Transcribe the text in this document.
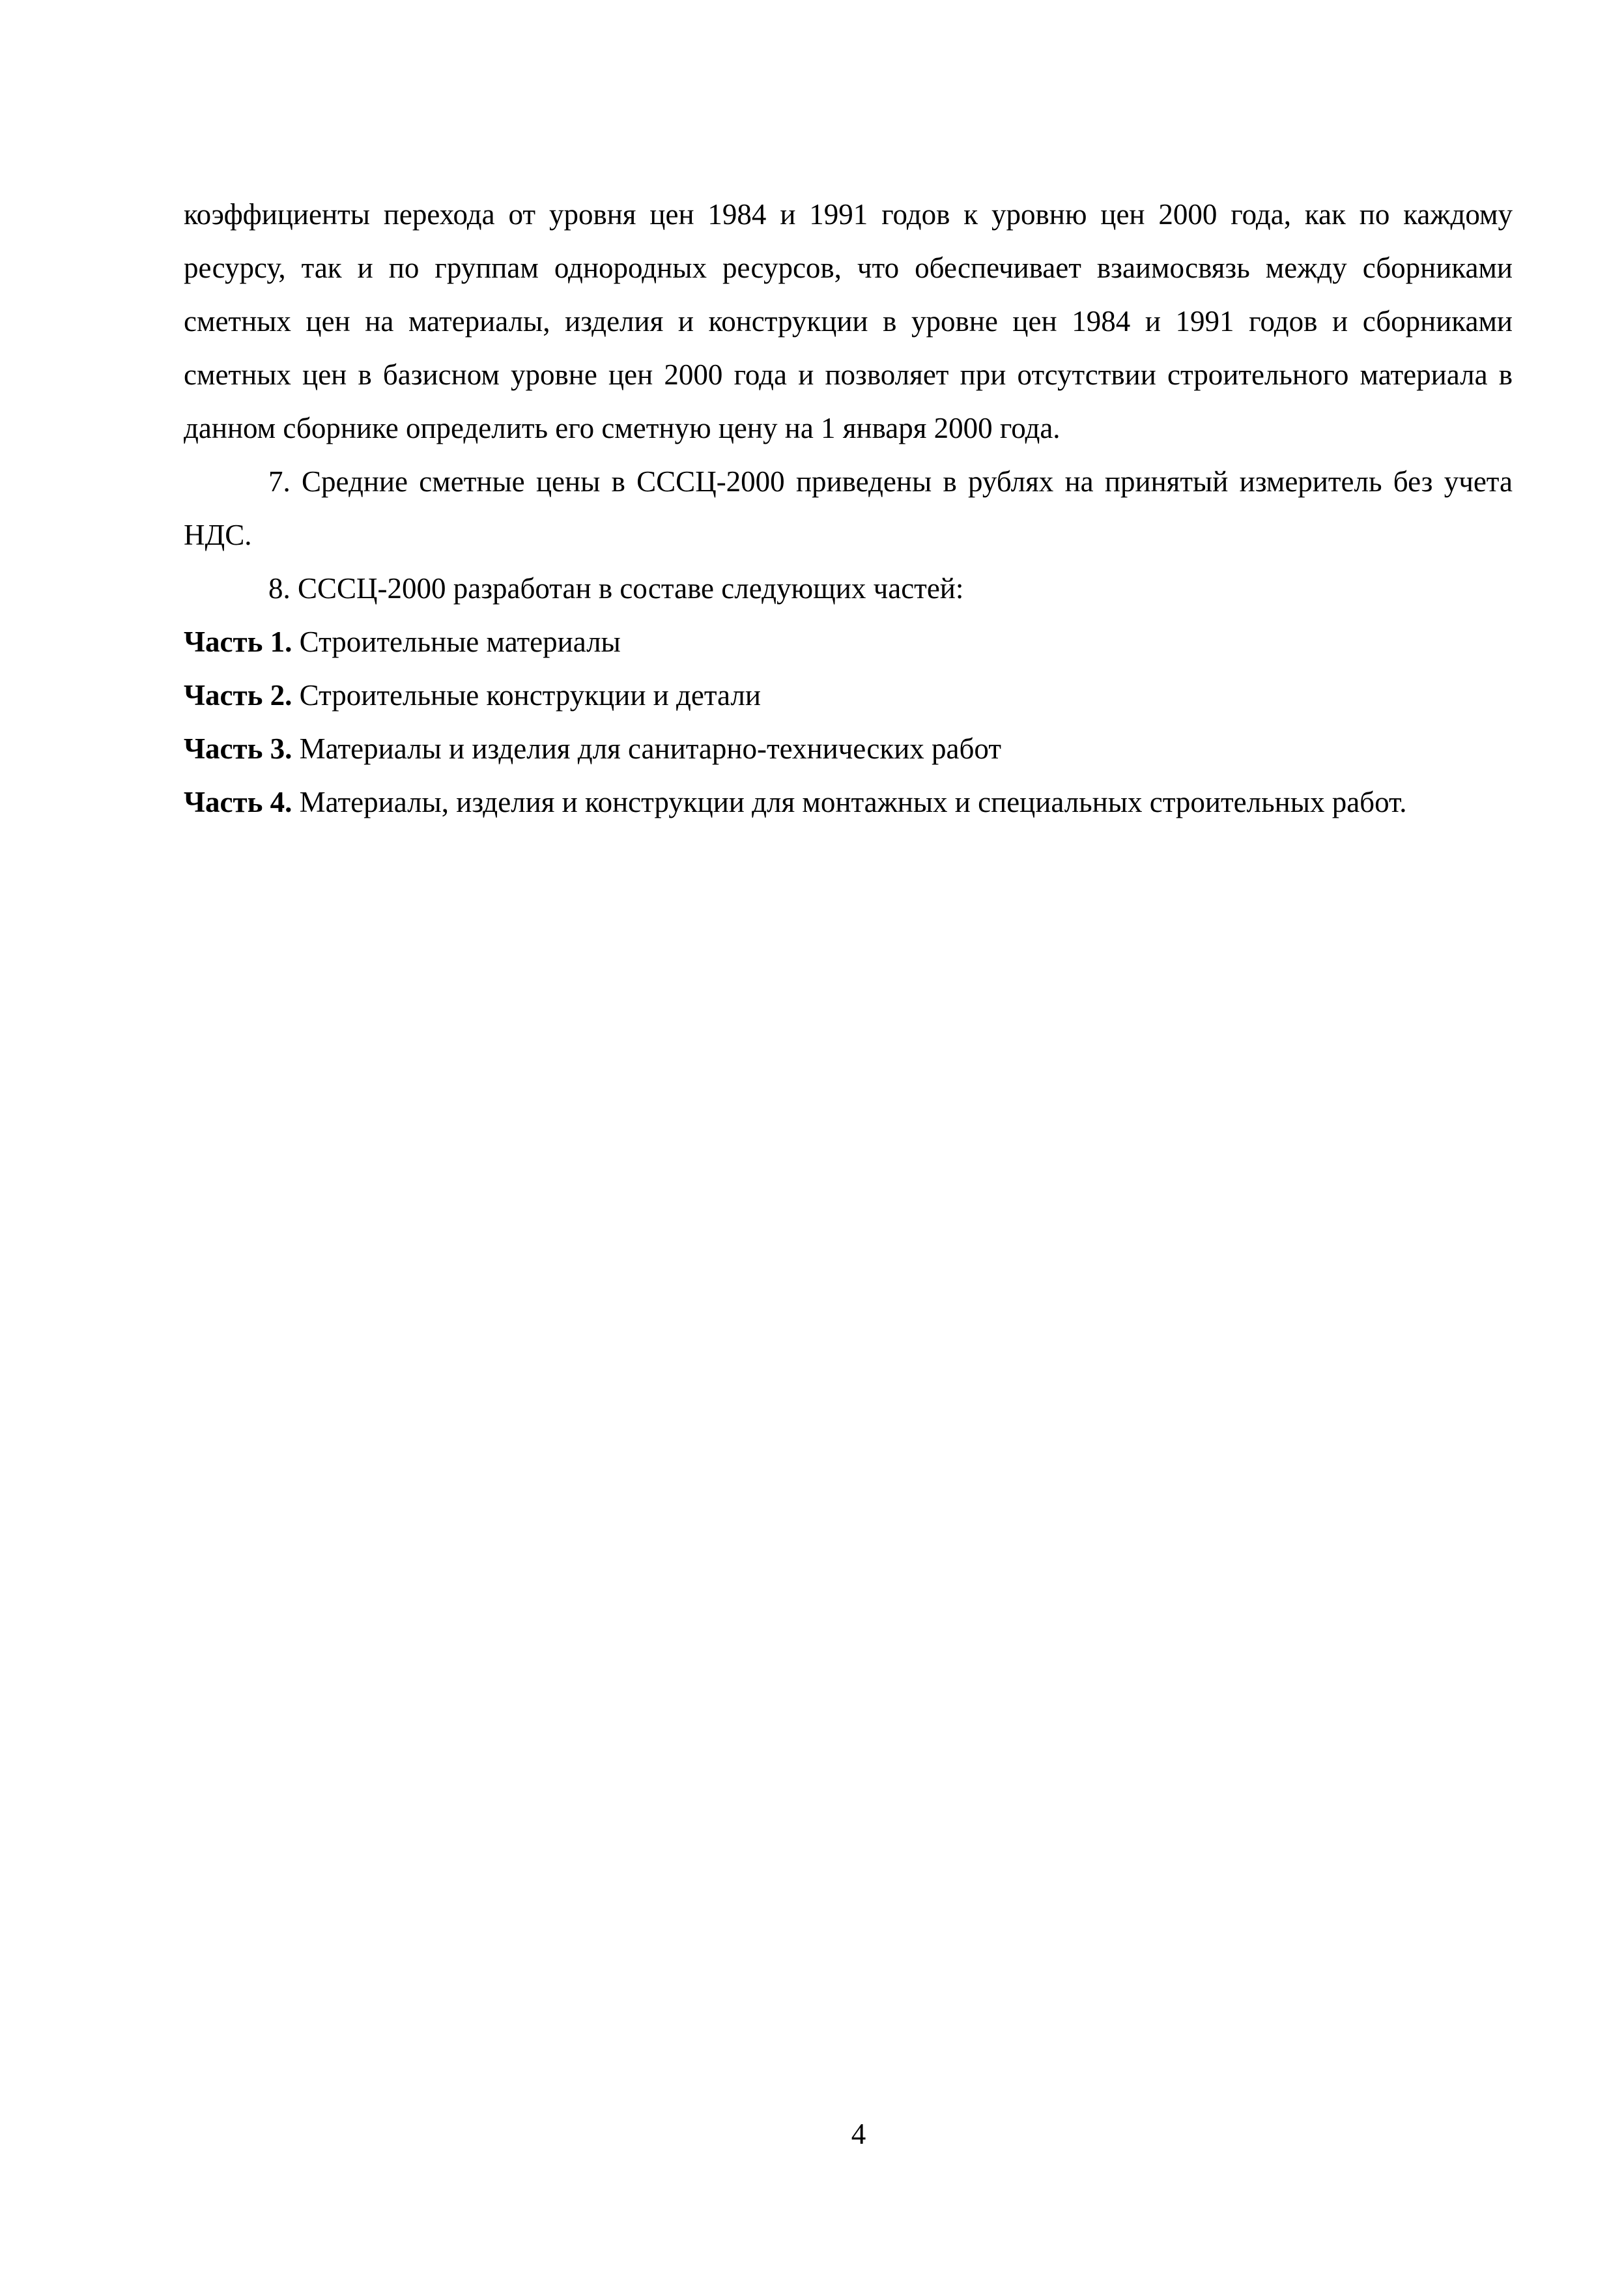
коэффициенты перехода от уровня цен 1984 и 1991 годов к уровню цен 2000 года, как по каждому ресурсу, так и по группам однородных ресурсов, что обеспечивает взаимосвязь между сборниками сметных цен на материалы, изделия и конструкции в уровне цен 1984 и 1991 годов и сборниками сметных цен в базисном уровне цен 2000 года и позволяет при отсутствии строительного материала в данном сборнике определить его сметную цену на 1 января 2000 года.

7. Средние сметные цены в СССЦ-2000 приведены в рублях на принятый измеритель без учета НДС.

8. СССЦ-2000 разработан в составе следующих частей:

Часть 1. Строительные материалы

Часть 2. Строительные конструкции и детали

Часть 3. Материалы и изделия для санитарно-технических работ

Часть 4. Материалы, изделия и конструкции для монтажных и специальных строительных работ.

4
